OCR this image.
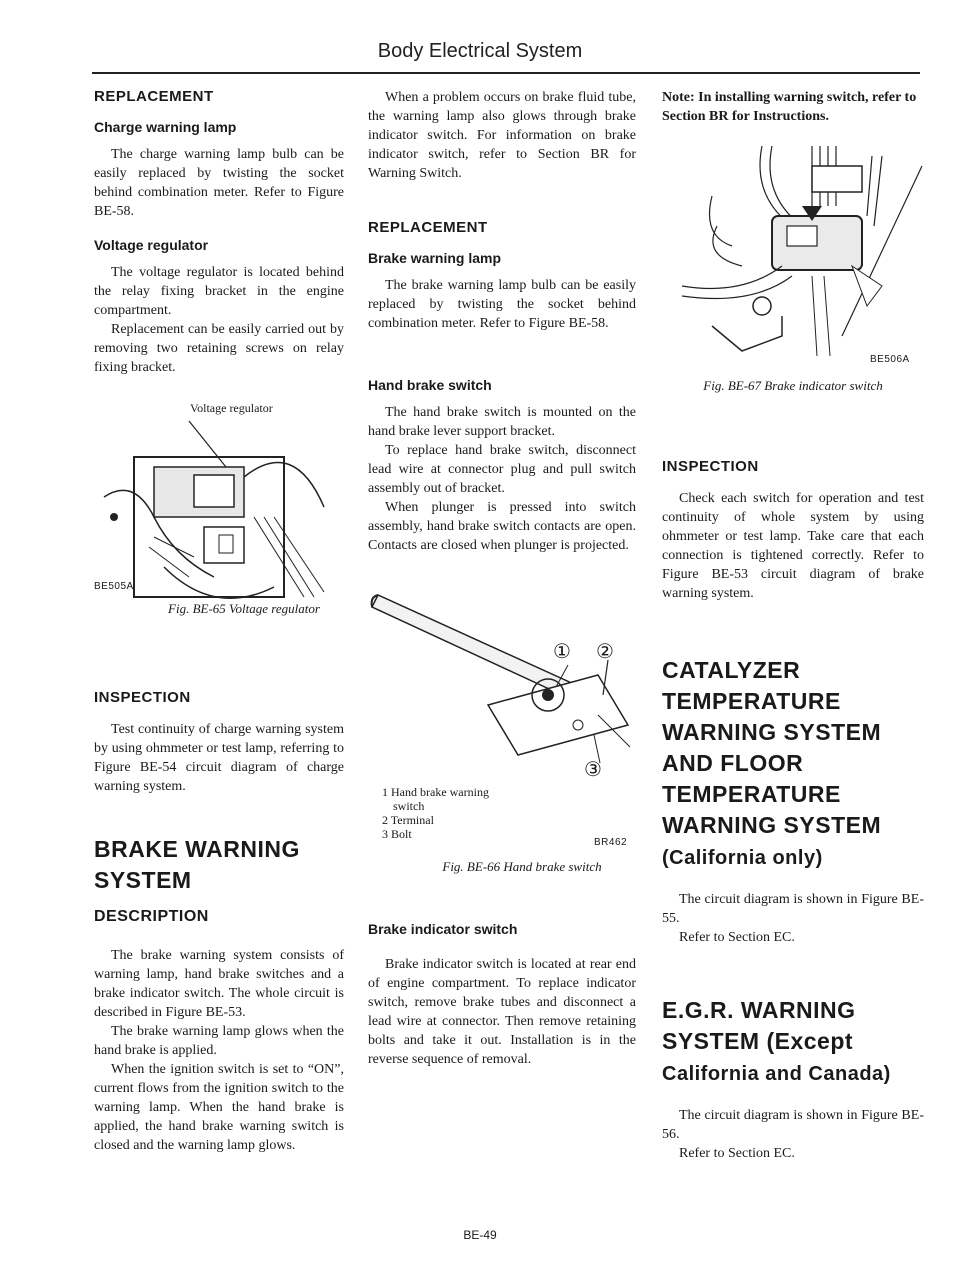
Body Electrical System
REPLACEMENT
Charge warning lamp

The charge warning lamp bulb can be easily replaced by twisting the socket behind combination meter. Refer to Figure BE-58.

Voltage regulator

The voltage regulator is located behind the relay fixing bracket in the engine compartment.

Replacement can be easily carried out by removing two retaining screws on relay fixing bracket.

Voltage regulator
BE505A
Fig. BE-65 Voltage regulator
INSPECTION

Test continuity of charge warning system by using ohmmeter or test lamp, referring to Figure BE-54 circuit diagram of charge warning system.

BRAKE WARNING SYSTEM
DESCRIPTION

The brake warning system consists of warning lamp, hand brake switches and a brake indicator switch. The whole circuit is described in Figure BE-53.

The brake warning lamp glows when the hand brake is applied.

When the ignition switch is set to “ON”, current flows from the ignition switch to the warning lamp. When the hand brake is applied, the hand brake warning switch is closed and the warning lamp glows.

When a problem occurs on brake fluid tube, the warning lamp also glows through brake indicator switch. For information on brake indicator switch, refer to Section BR for Warning Switch.

REPLACEMENT
Brake warning lamp

The brake warning lamp bulb can be easily replaced by twisting the socket behind combination meter. Refer to Figure BE-58.

Hand brake switch

The hand brake switch is mounted on the hand brake lever support bracket.

To replace hand brake switch, disconnect lead wire at connector plug and pull switch assembly out of bracket.

When plunger is pressed into switch assembly, hand brake switch contacts are open. Contacts are closed when plunger is projected.

① ②
③
1 Hand brake warning
switch
2 Terminal
3 Bolt
BR462
Fig. BE-66 Hand brake switch
Brake indicator switch

Brake indicator switch is located at rear end of engine compartment. To replace indicator switch, remove brake tubes and disconnect a lead wire at connector. Then remove retaining bolts and take it out. Installation is in the reverse sequence of removal.

Note: In installing warning switch, refer to Section BR for Instructions.
BE506A
Fig. BE-67 Brake indicator switch
INSPECTION

Check each switch for operation and test continuity of whole system by using ohmmeter or test lamp. Take care that each connection is tightened correctly. Refer to Figure BE-53 circuit diagram of brake warning system.

CATALYZER TEMPERATURE WARNING SYSTEM AND FLOOR TEMPERATURE WARNING SYSTEM
(California only)

The circuit diagram is shown in Figure BE-55.

Refer to Section EC.

E.G.R. WARNING SYSTEM (Except
California and Canada)

The circuit diagram is shown in Figure BE-56.

Refer to Section EC.

BE-49
